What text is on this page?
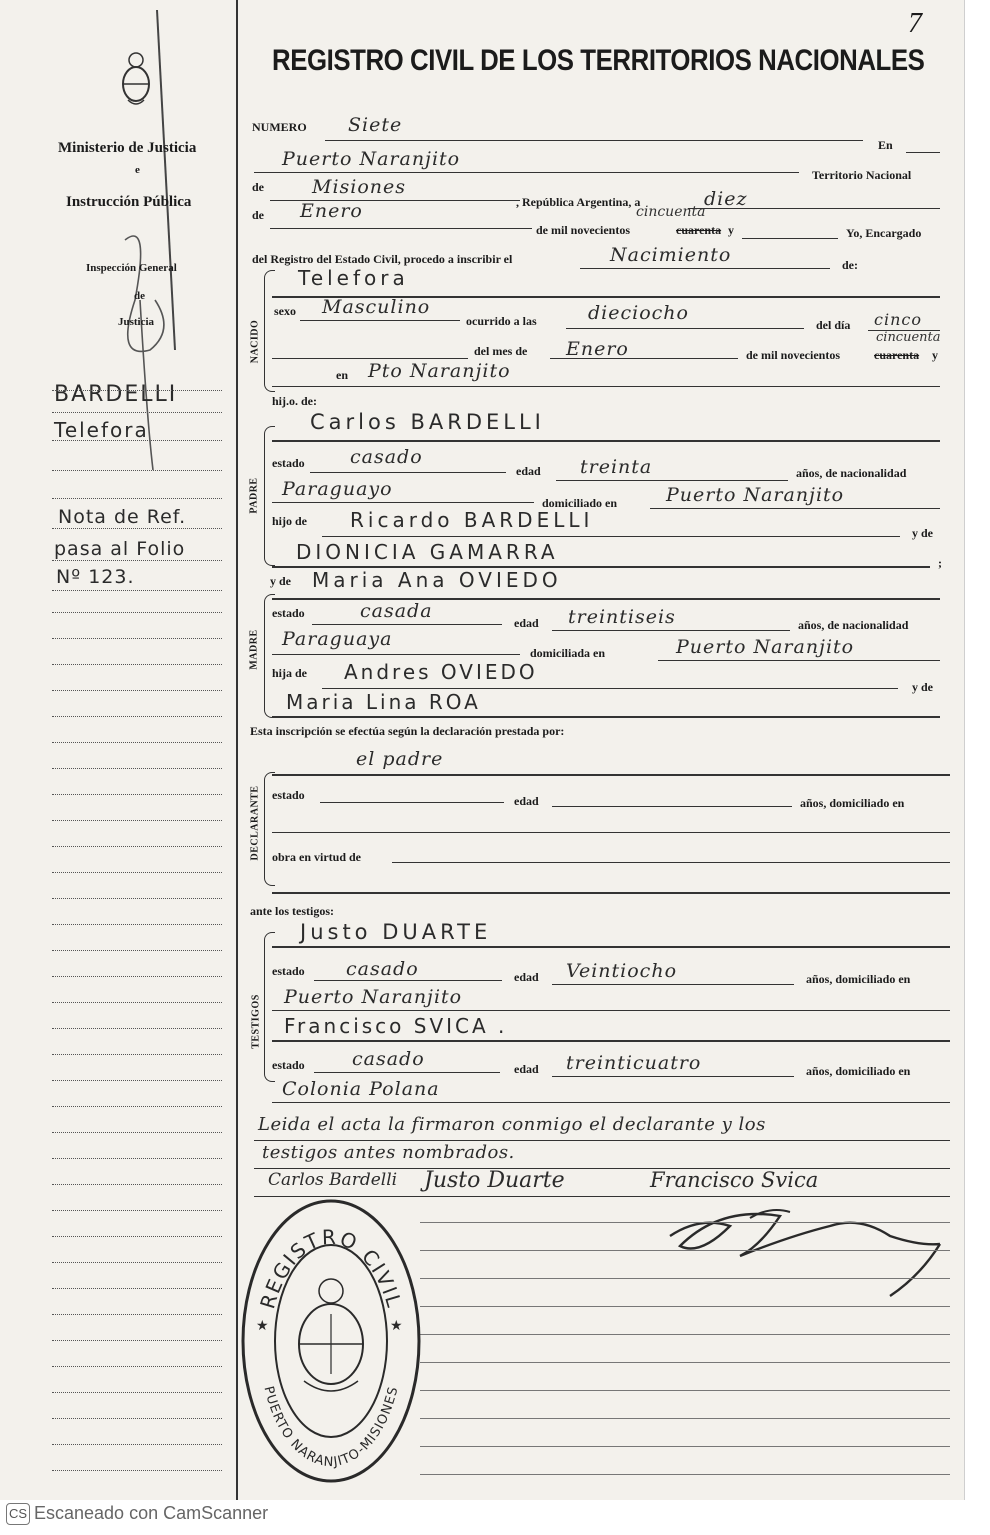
Ministerio de Justicia
e
Instrucción Pública
Inspección General
de
Justicia
BARDELLI
Telefora
Nota de Ref.
pasa al Folio
Nº 123.
7
REGISTRO CIVIL DE LOS TERRITORIOS NACIONALES
NUMERO Siete
En
Puerto Naranjito
Territorio Nacional
de	Misiones
, República Argentina, a	diez
de Enero
de mil novecientos
cincuenta
cuarenta y	Yo, Encargado
del Registro del Estado Civil, procedo a inscribir el	Nacimiento	de:
NACIDO
Telefora
sexo Masculino
ocurrido a las	dieciocho
del día cinco
del mes de Enero	de mil novecientos
cincuenta
cuarenta y
en Pto Naranjito
hij.o. de:
PADRE
Carlos BARDELLI
estado casado
edad treinta	años, de nacionalidad
Paraguayo
domiciliado en	Puerto Naranjito
hijo de Ricardo BARDELLI
y de
DIONICIA GAMARRA	;
y de Maria Ana OVIEDO
MADRE
estado	casada
edad treintiseis	años, de nacionalidad
Paraguaya
domiciliada en	Puerto Naranjito
hija de Andres OVIEDO
y de
Maria Lina ROA
Esta inscripción se efectúa según la declaración prestada por:
el padre
DECLARANTE estado	edad	años, domiciliado en
obra en virtud de
ante los testigos:
TESTIGOS
Justo DUARTE
estado casado	edad Veintiocho	años, domiciliado en
Puerto Naranjito
Francisco SVICA .
estado casado	edad treinticuatro	años, domiciliado en
Colonia Polana
Leida el acta la firmaron conmigo el declarante y los
testigos antes nombrados.
Carlos Bardelli Justo Duarte	Francisco Svica
REGISTRO CIVIL
PUERTO NARANJITO-MISIONES
★	★
CS Escaneado con CamScanner
